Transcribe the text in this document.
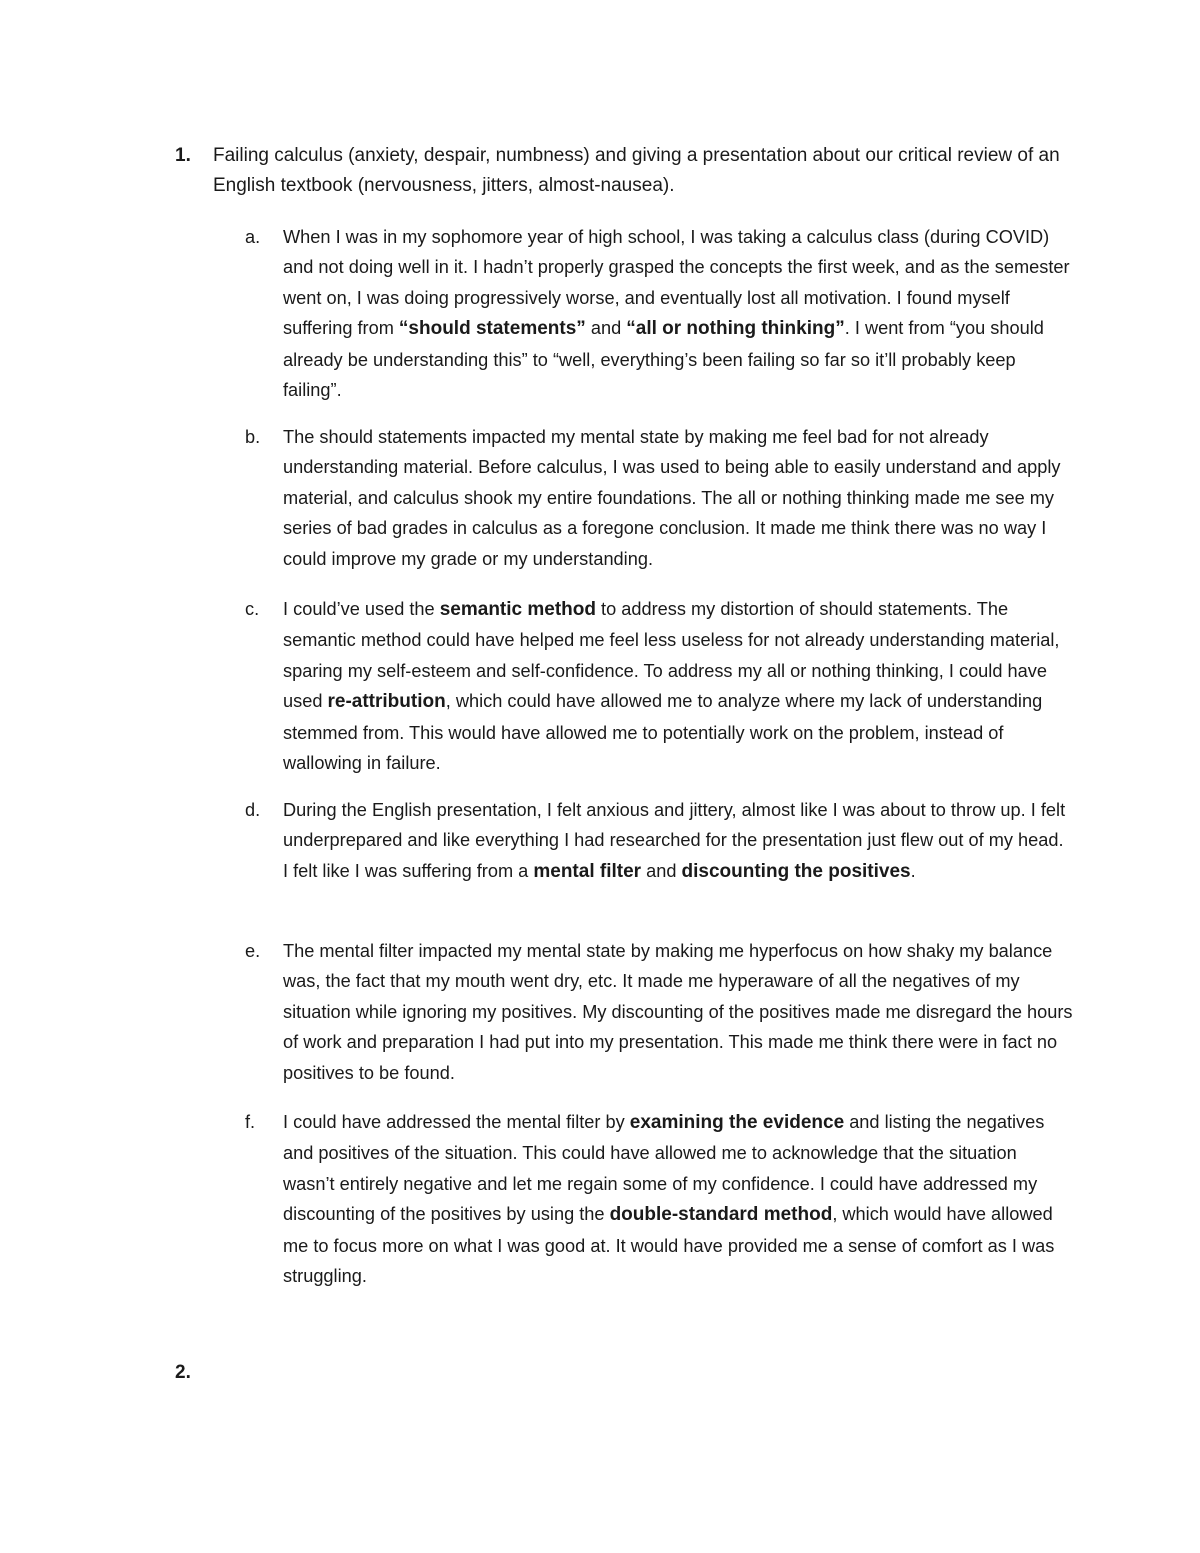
1. Failing calculus (anxiety, despair, numbness) and giving a presentation about our critical review of an English textbook (nervousness, jitters, almost-nausea).

a.	When I was in my sophomore year of high school, I was taking a calculus class (during COVID) and not doing well in it. I hadn’t properly grasped the concepts the first week, and as the semester went on, I was doing progressively worse, and eventually lost all motivation. I found myself suffering from “should statements” and “all or nothing thinking”. I went from “you should already be understanding this” to “well, everything’s been failing so far so it’ll probably keep failing”.

b.	The should statements impacted my mental state by making me feel bad for not already understanding material. Before calculus, I was used to being able to easily understand and apply material, and calculus shook my entire foundations. The all or nothing thinking made me see my series of bad grades in calculus as a foregone conclusion. It made me think there was no way I could improve my grade or my understanding.

c.	I could’ve used the semantic method to address my distortion of should statements. The semantic method could have helped me feel less useless for not already understanding material, sparing my self-esteem and self-confidence. To address my all or nothing thinking, I could have used re-attribution, which could have allowed me to analyze where my lack of understanding stemmed from. This would have allowed me to potentially work on the problem, instead of wallowing in failure.

d.	During the English presentation, I felt anxious and jittery, almost like I was about to throw up. I felt underprepared and like everything I had researched for the presentation just flew out of my head. I felt like I was suffering from a mental filter and discounting the positives.

e.	The mental filter impacted my mental state by making me hyperfocus on how shaky my balance was, the fact that my mouth went dry, etc. It made me hyperaware of all the negatives of my situation while ignoring my positives. My discounting of the positives made me disregard the hours of work and preparation I had put into my presentation. This made me think there were in fact no positives to be found.

f.	I could have addressed the mental filter by examining the evidence and listing the negatives and positives of the situation. This could have allowed me to acknowledge that the situation wasn’t entirely negative and let me regain some of my confidence. I could have addressed my discounting of the positives by using the double-standard method, which would have allowed me to focus more on what I was good at. It would have provided me a sense of comfort as I was struggling.

2.
